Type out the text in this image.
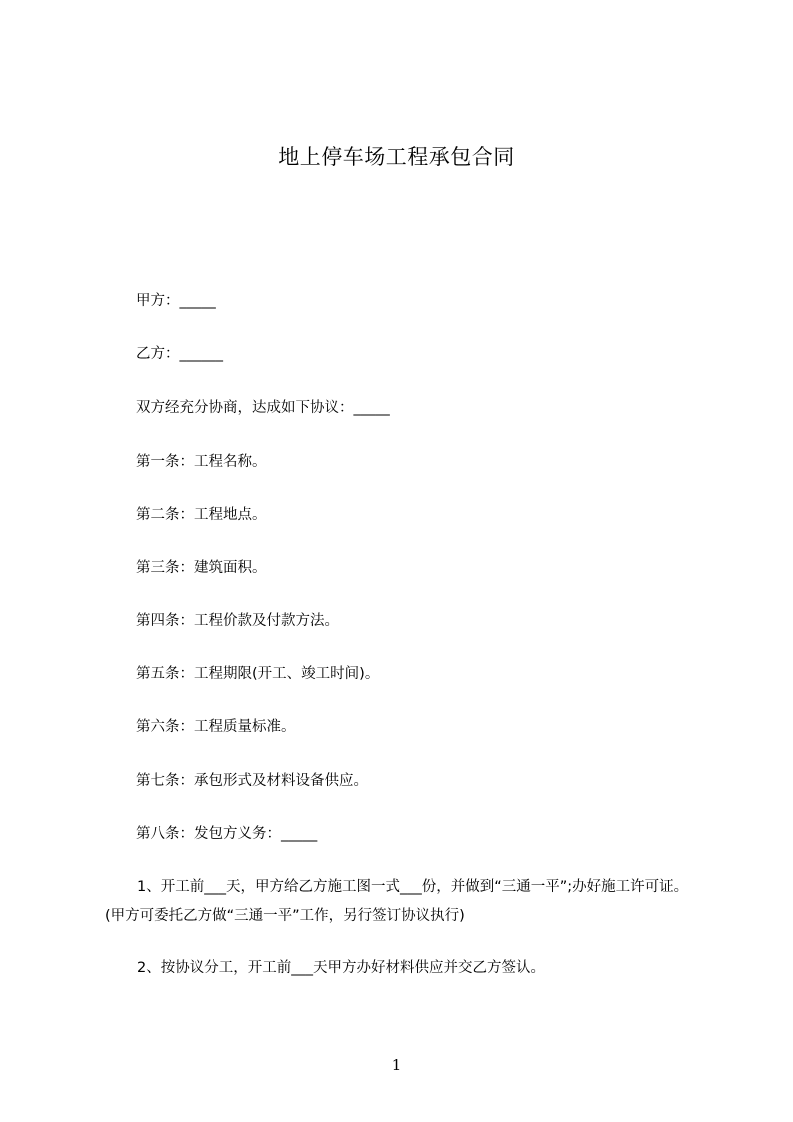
地上停车场工程承包合同
甲方：_____
乙方：______
双方经充分协商，达成如下协议：_____
第一条：工程名称。
第二条：工程地点。
第三条：建筑面积。
第四条：工程价款及付款方法。
第五条：工程期限(开工、竣工时间)。
第六条：工程质量标准。
第七条：承包形式及材料设备供应。
第八条：发包方义务：_____
1、开工前___天，甲方给乙方施工图一式___份，并做到“三通一平”;办好施工许可证。(甲方可委托乙方做“三通一平”工作，另行签订协议执行)
2、按协议分工，开工前___天甲方办好材料供应并交乙方签认。
1
